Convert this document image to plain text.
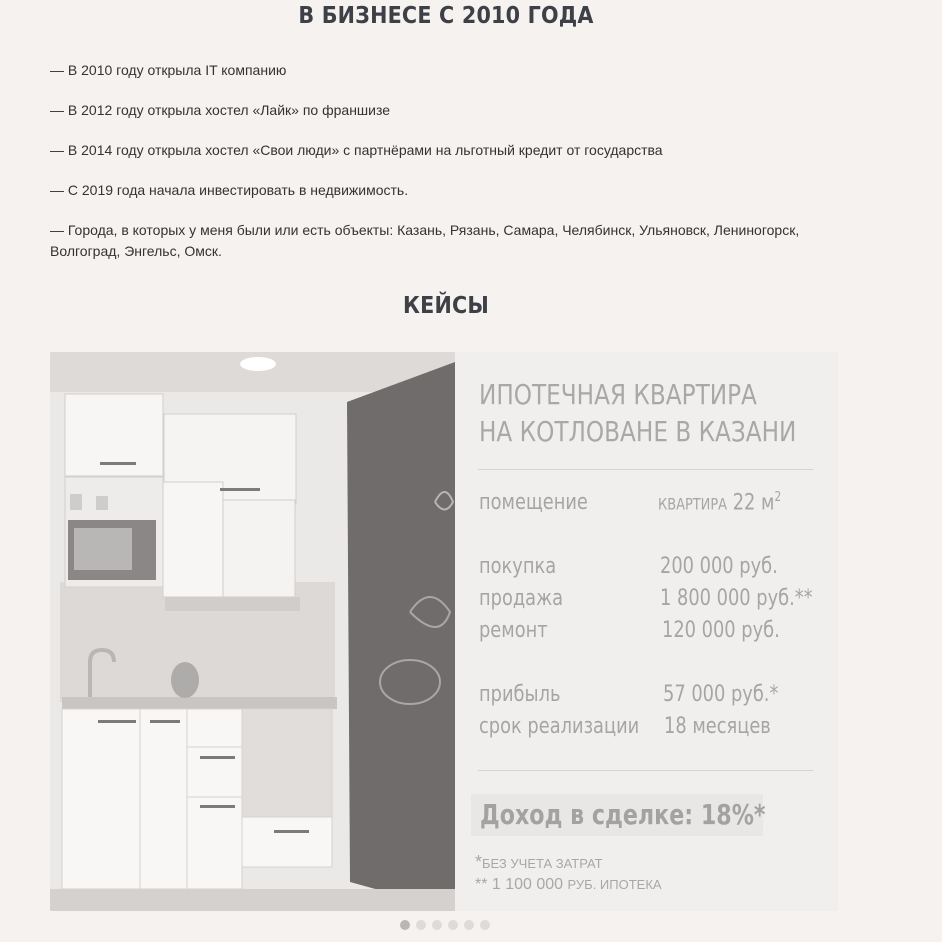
В БИЗНЕСЕ С 2010 ГОДА

— В 2010 году открыла IT компанию

— В 2012 году открыла хостел «Лайк» по франшизе

— В 2014 году открыла хостел «Свои люди» с партнёрами на льготный кредит от государства

— С 2019 года начала инвестировать в недвижимость.

— Города, в которых у меня были или есть объекты: Казань, Рязань, Самара, Челябинск, Ульяновск, Лениногорск, Волгоград, Энгельс, Омск.

КЕЙСЫ
ИПОТЕЧНАЯ КВАРТИРА
НА КОТЛОВАНЕ В КАЗАНИ
помещение	КВАРТИРА 22 $м^2$
покупка	200 000 руб.
продажа	1 800 000 руб.**
ремонт	120 000 руб.
прибыль	57 000 руб.*
срок реализации 18 месяцев
Доход в сделке: 18%*
*БЕЗ УЧЕТА ЗАТРАТ
** 1 100 000 РУБ. ИПОТЕКА
